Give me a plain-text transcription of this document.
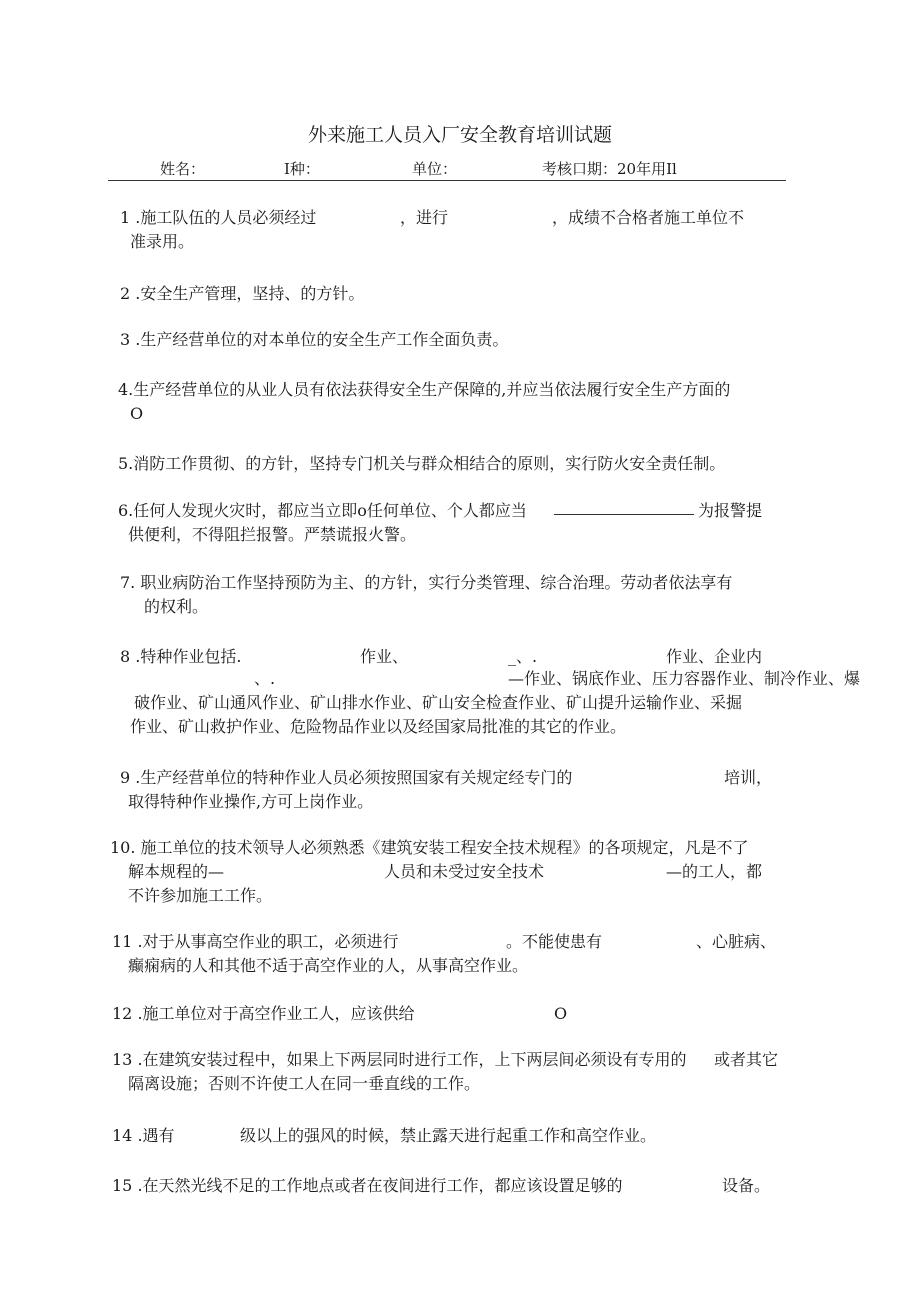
外来施工人员入厂安全教育培训试题
姓名：	I种：	单位：	考核口期：20年用Il
1 .施工队伍的人员必须经过	，进行	，成绩不合格者施工单位不
准录用。
2 .安全生产管理，坚持、的方针。
3 .生产经营单位的对本单位的安全生产工作全面负责。
4.生产经营单位的从业人员有依法获得安全生产保障的,并应当依法履行安全生产方面的
O
5.消防工作贯彻、的方针，坚持专门机关与群众相结合的原则，实行防火安全责任制。
6.任何人发现火灾时，都应当立即o任何单位、个人都应当	为报警提
供便利，不得阻拦报警。严禁谎报火警。
7. 职业病防治工作坚持预防为主、的方针，实行分类管理、综合治理。劳动者依法享有
的权利。
8 .特种作业包括.	作业、	_、.	作业、企业内
、.	—作业、锅底作业、压力容器作业、制冷作业、爆
破作业、矿山通风作业、矿山排水作业、矿山安全检查作业、矿山提升运输作业、采掘
作业、矿山救护作业、危险物品作业以及经国家局批准的其它的作业。
9 .生产经营单位的特种作业人员必须按照国家有关规定经专门的	培训，
取得特种作业操作,方可上岗作业。
10. 施工单位的技术领导人必须熟悉《建筑安装工程安全技术规程》的各项规定，凡是不了
解本规程的—	人员和未受过安全技术	—的工人，都
不许参加施工工作。
11 .对于从事高空作业的职工，必须进行	。不能使患有	、心脏病、
癫痫病的人和其他不适于高空作业的人，从事高空作业。
12 .施工单位对于高空作业工人，应该供给	O
13 .在建筑安装过程中，如果上下两层同时进行工作，上下两层间必须设有专用的 或者其它
隔离设施；否则不许使工人在同一垂直线的工作。
14 .遇有	级以上的强风的时候，禁止露天进行起重工作和高空作业。
15 .在天然光线不足的工作地点或者在夜间进行工作，都应该设置足够的	设备。
